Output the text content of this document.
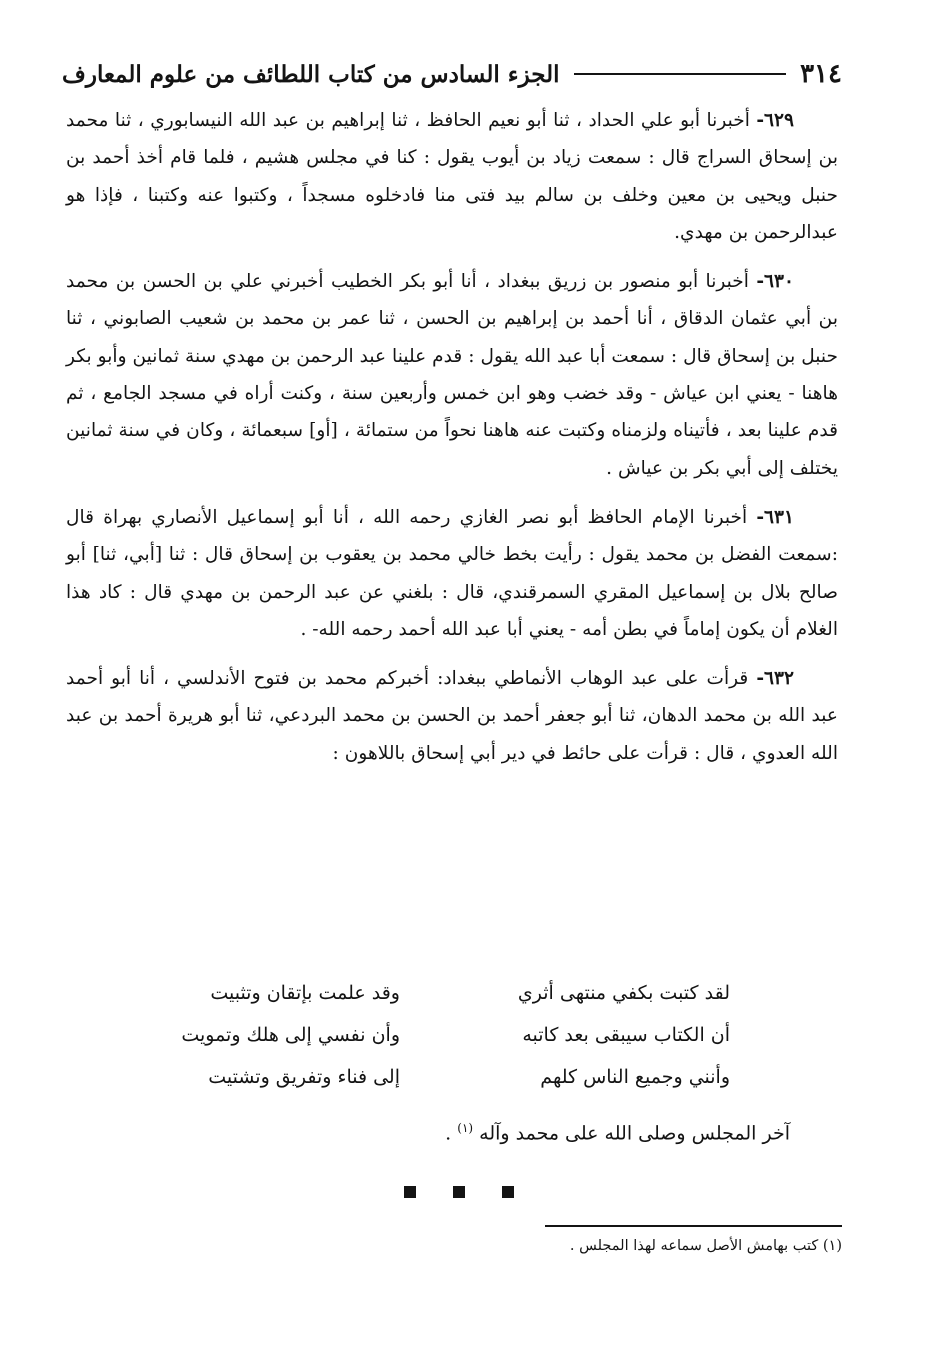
٣١٤
الجزء السادس من كتاب اللطائف من علوم المعارف

٦٢٩- أخبرنا أبو علي الحداد ، ثنا أبو نعيم الحافظ ، ثنا إبراهيم بن عبد الله النيسابوري ، ثنا محمد بن إسحاق السراج قال : سمعت زياد بن أيوب يقول : كنا في مجلس هشيم ، فلما قام أخذ أحمد بن حنبل ويحيى بن معين وخلف بن سالم بيد فتى منا فادخلوه مسجداً ، وكتبوا عنه وكتبنا ، فإذا هو عبدالرحمن بن مهدي.

٦٣٠- أخبرنا أبو منصور بن زريق ببغداد ، أنا أبو بكر الخطيب أخبرني علي بن الحسن بن محمد بن أبي عثمان الدقاق ، أنا أحمد بن إبراهيم بن الحسن ، ثنا عمر بن محمد بن شعيب الصابوني ، ثنا حنبل بن إسحاق قال : سمعت أبا عبد الله يقول : قدم علينا عبد الرحمن بن مهدي سنة ثمانين وأبو بكر هاهنا - يعني ابن عياش - وقد خضب وهو ابن خمس وأربعين سنة ، وكنت أراه في مسجد الجامع ، ثم قدم علينا بعد ، فأتيناه ولزمناه وكتبت عنه هاهنا نحواً من ستمائة ، [أو] سبعمائة ، وكان في سنة ثمانين يختلف إلى أبي بكر بن عياش .

٦٣١- أخبرنا الإمام الحافظ أبو نصر الغازي رحمه الله ، أنا أبو إسماعيل الأنصاري بهراة قال :سمعت الفضل بن محمد يقول : رأيت بخط خالي محمد بن يعقوب بن إسحاق قال : ثنا [أبي، ثنا] أبو صالح بلال بن إسماعيل المقري السمرقندي، قال : بلغني عن عبد الرحمن بن مهدي قال : كاد هذا الغلام أن يكون إماماً في بطن أمه - يعني أبا عبد الله أحمد رحمه الله- .

٦٣٢- قرأت على عبد الوهاب الأنماطي ببغداد: أخبركم محمد بن فتوح الأندلسي ، أنا أبو أحمد عبد الله بن محمد الدهان، ثنا أبو جعفر أحمد بن الحسن بن محمد البردعي، ثنا أبو هريرة أحمد بن عبد الله العدوي ، قال : قرأت على حائط في دير أبي إسحاق باللاهون :

لقد كتبت بكفي منتهى أثري
وقد علمت بإتقان وتثبيت
أن الكتاب سيبقى بعد كاتبه
وأن نفسي إلى هلك وتمويت
وأنني وجميع الناس كلهم
إلى فناء وتفريق وتشتيت
آخر المجلس وصلى الله على محمد وآله $^{(١)}$ .
(١) كتب بهامش الأصل سماعه لهذا المجلس .
